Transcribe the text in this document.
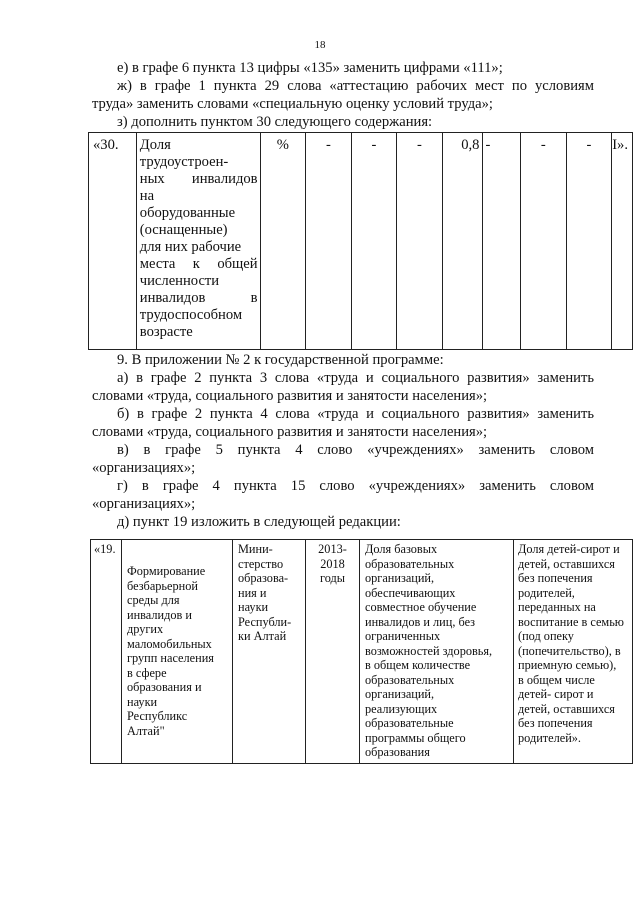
18
е) в графе 6 пункта 13 цифры «135» заменить цифрами «111»;
ж) в графе 1 пункта 29 слова «аттестацию рабочих мест по условиям
труда» заменить словами «специальную оценку условий труда»;
з) дополнить пунктом 30 следующего содержания:
«30.	Доля
трудоустроен-
ных инвалидов
на
оборудованные
(оснащенные)
для них рабочие
места к общей
численности
инвалидов в
трудоспособном
возрастe
	%	-	-	-	0,8	-	-	-	I».
9. В приложении № 2 к государственной программе:
а) в графе 2 пункта 3 слова «труда и социального развития» заменить
словами «труда, социального развития и занятости населения»;
б) в графе 2 пункта 4 слова «труда и социального развития» заменить
словами «труда, социального развития и занятости населения»;
в) в графе 5 пункта 4 слово «учреждениях» заменить словом
«организациях»;
г) в графе 4 пункта 15 слово «учреждениях» заменить словом
«организациях»;
д) пункт 19 изложить в следующей редакции:
«19.	
Формирование
безбарьерной
среды для
инвалидов и
других
маломобильных
групп населения
в сфере
образования и
науки
Республикс
Алтай"

Мини-
стерство
образова-
ния и
науки
Республи-
ки Алтай

2013-
2018
годы

Доля базовых
образовательных
организаций,
обеспечивающих
совместное обучение
инвалидов и лиц, без
ограниченных
возможностей здоровья,
в общем количестве
образовательных
организаций,
реализующих
образовательные
программы общего
образования

Доля детей-сирот и
детей, оставшихся
без попечения
родителей,
переданных на
воспитание в семью
(под опеку
(попечительство), в
приемную семью),
в общем числе
детей- сирот и
детей, оставшихся
без попечения
родителей».
